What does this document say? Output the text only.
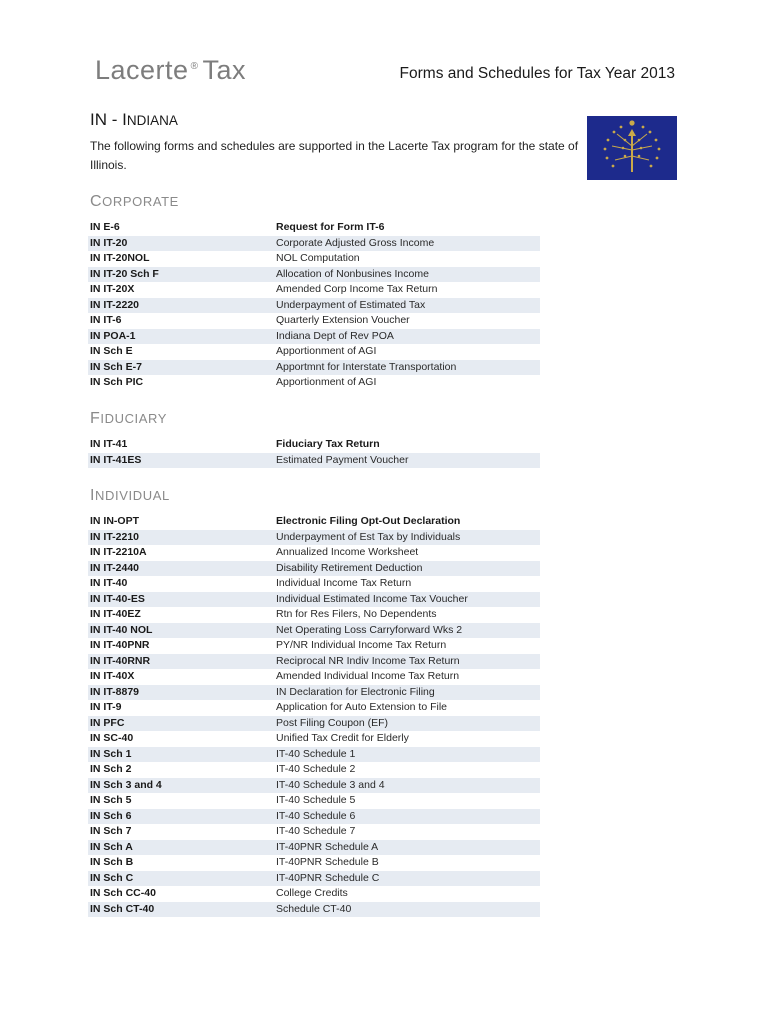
Lacerte ® Tax	Forms and Schedules for Tax Year 2013
IN - INDIANA
The following forms and schedules are supported in the Lacerte Tax program for the state of Illinois.
CORPORATE
IN E-6	Request for Form IT-6
IN IT-20	Corporate Adjusted Gross Income
IN IT-20NOL	NOL Computation
IN IT-20 Sch F	Allocation of Nonbusines Income
IN IT-20X	Amended Corp Income Tax Return
IN IT-2220	Underpayment of Estimated Tax
IN IT-6	Quarterly Extension Voucher
IN POA-1	Indiana Dept of Rev POA
IN Sch E	Apportionment of AGI
IN Sch E-7	Apportmnt for Interstate Transportation
IN Sch PIC	Apportionment of AGI
FIDUCIARY
IN IT-41	Fiduciary Tax Return
IN IT-41ES	Estimated Payment Voucher
INDIVIDUAL
IN IN-OPT	Electronic Filing Opt-Out Declaration
IN IT-2210	Underpayment of Est Tax by Individuals
IN IT-2210A	Annualized Income Worksheet
IN IT-2440	Disability Retirement Deduction
IN IT-40	Individual Income Tax Return
IN IT-40-ES	Individual Estimated Income Tax Voucher
IN IT-40EZ	Rtn for Res Filers, No Dependents
IN IT-40 NOL	Net Operating Loss Carryforward Wks 2
IN IT-40PNR	PY/NR Individual Income Tax Return
IN IT-40RNR	Reciprocal NR Indiv Income Tax Return
IN IT-40X	Amended Individual Income Tax Return
IN IT-8879	IN Declaration for Electronic Filing
IN IT-9	Application for Auto Extension to File
IN PFC	Post Filing Coupon (EF)
IN SC-40	Unified Tax Credit for Elderly
IN Sch 1	IT-40 Schedule 1
IN Sch 2	IT-40 Schedule 2
IN Sch 3 and 4	IT-40 Schedule 3 and 4
IN Sch 5	IT-40 Schedule 5
IN Sch 6	IT-40 Schedule 6
IN Sch 7	IT-40 Schedule 7
IN Sch A	IT-40PNR Schedule A
IN Sch B	IT-40PNR Schedule B
IN Sch C	IT-40PNR Schedule C
IN Sch CC-40	College Credits
IN Sch CT-40	Schedule CT-40
